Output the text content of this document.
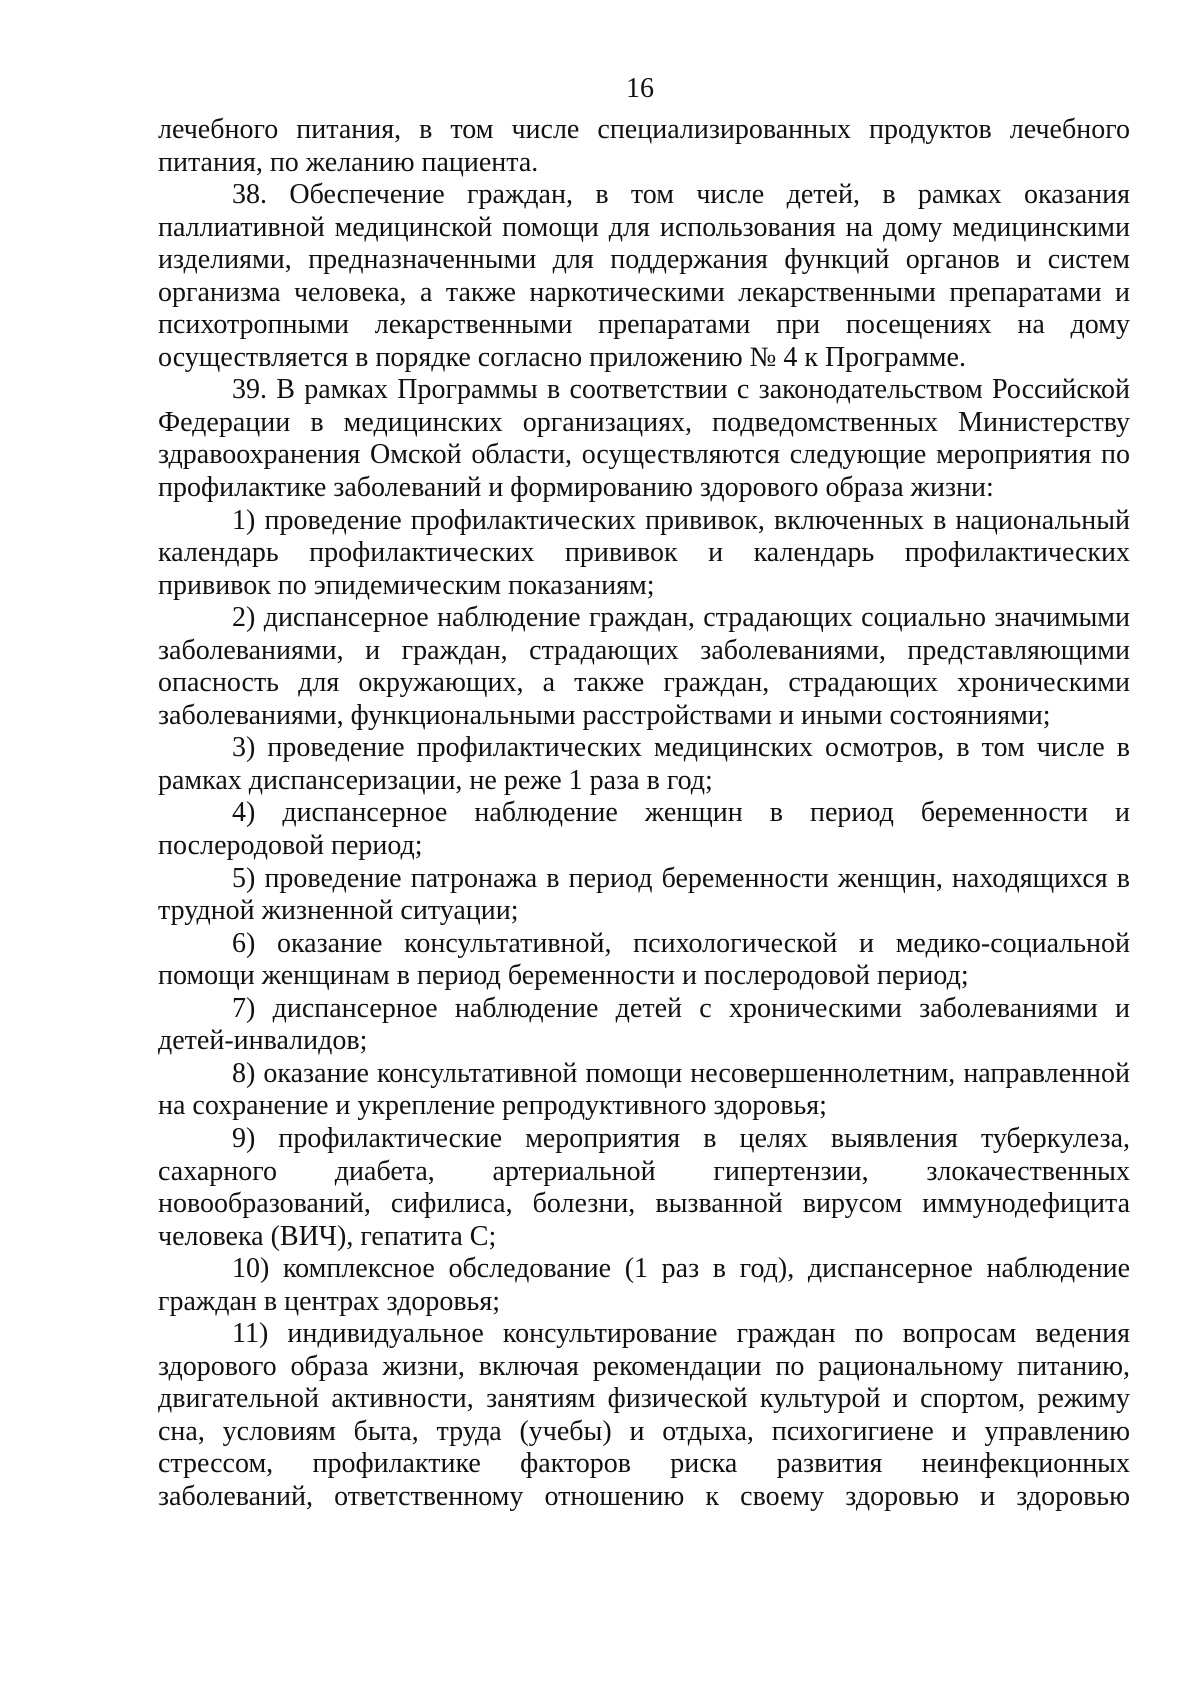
16

лечебного питания, в том числе специализированных продуктов лечебного питания, по желанию пациента.

38. Обеспечение граждан, в том числе детей, в рамках оказания паллиативной медицинской помощи для использования на дому медицинскими изделиями, предназначенными для поддержания функций органов и систем организма человека, а также наркотическими лекарственными препаратами и психотропными лекарственными препаратами при посещениях на дому осуществляется в порядке согласно приложению № 4 к Программе.

39. В рамках Программы в соответствии с законодательством Российской Федерации в медицинских организациях, подведомственных Министерству здравоохранения Омской области, осуществляются следующие мероприятия по профилактике заболеваний и формированию здорового образа жизни:

1) проведение профилактических прививок, включенных в национальный календарь профилактических прививок и календарь профилактических прививок по эпидемическим показаниям;

2) диспансерное наблюдение граждан, страдающих социально значимыми заболеваниями, и граждан, страдающих заболеваниями, представляющими опасность для окружающих, а также граждан, страдающих хроническими заболеваниями, функциональными расстройствами и иными состояниями;

3) проведение профилактических медицинских осмотров, в том числе в рамках диспансеризации, не реже 1 раза в год;

4) диспансерное наблюдение женщин в период беременности и послеродовой период;

5) проведение патронажа в период беременности женщин, находящихся в трудной жизненной ситуации;

6) оказание консультативной, психологической и медико-социальной помощи женщинам в период беременности и послеродовой период;

7) диспансерное наблюдение детей с хроническими заболеваниями и детей-инвалидов;

8) оказание консультативной помощи несовершеннолетним, направленной на сохранение и укрепление репродуктивного здоровья;

9) профилактические мероприятия в целях выявления туберкулеза, сахарного диабета, артериальной гипертензии, злокачественных новообразований, сифилиса, болезни, вызванной вирусом иммунодефицита человека (ВИЧ), гепатита С;

10) комплексное обследование (1 раз в год), диспансерное наблюдение граждан в центрах здоровья;

11) индивидуальное консультирование граждан по вопросам ведения здорового образа жизни, включая рекомендации по рациональному питанию, двигательной активности, занятиям физической культурой и спортом, режиму сна, условиям быта, труда (учебы) и отдыха, психогигиене и управлению стрессом, профилактике факторов риска развития неинфекционных заболеваний, ответственному отношению к своему здоровью и здоровью
